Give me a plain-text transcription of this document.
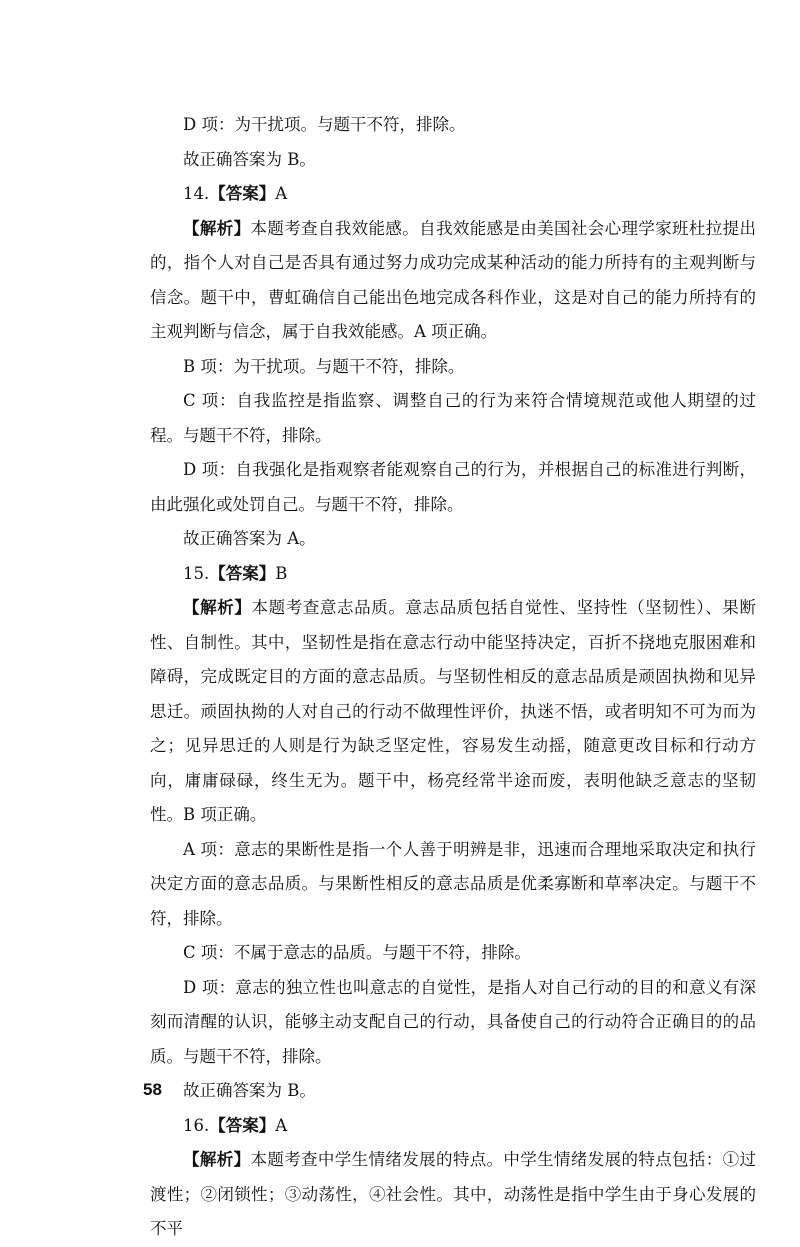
D 项：为干扰项。与题干不符，排除。

故正确答案为 B。

14.【答案】A

【解析】本题考查自我效能感。自我效能感是由美国社会心理学家班杜拉提出的，指个人对自己是否具有通过努力成功完成某种活动的能力所持有的主观判断与信念。题干中，曹虹确信自己能出色地完成各科作业，这是对自己的能力所持有的主观判断与信念，属于自我效能感。A 项正确。

B 项：为干扰项。与题干不符，排除。

C 项：自我监控是指监察、调整自己的行为来符合情境规范或他人期望的过程。与题干不符，排除。

D 项：自我强化是指观察者能观察自己的行为，并根据自己的标准进行判断， 由此强化或处罚自己。与题干不符，排除。

故正确答案为 A。

15.【答案】B

【解析】本题考查意志品质。意志品质包括自觉性、坚持性（坚韧性）、果断性、自制性。其中，坚韧性是指在意志行动中能坚持决定，百折不挠地克服困难和障碍，完成既定目的方面的意志品质。与坚韧性相反的意志品质是顽固执拗和见异思迁。顽固执拗的人对自己的行动不做理性评价，执迷不悟，或者明知不可为而为之；见异思迁的人则是行为缺乏坚定性，容易发生动摇，随意更改目标和行动方向，庸庸碌碌，终生无为。题干中，杨亮经常半途而废，表明他缺乏意志的坚韧性。B 项正确。

A 项：意志的果断性是指一个人善于明辨是非，迅速而合理地采取决定和执行决定方面的意志品质。与果断性相反的意志品质是优柔寡断和草率决定。与题干不符，排除。

C 项：不属于意志的品质。与题干不符，排除。

D 项：意志的独立性也叫意志的自觉性，是指人对自己行动的目的和意义有深刻而清醒的认识，能够主动支配自己的行动，具备使自己的行动符合正确目的的品质。与题干不符，排除。

故正确答案为 B。

16.【答案】A

【解析】本题考查中学生情绪发展的特点。中学生情绪发展的特点包括：①过渡性；②闭锁性；③动荡性，④社会性。其中，动荡性是指中学生由于身心发展的不平

58
